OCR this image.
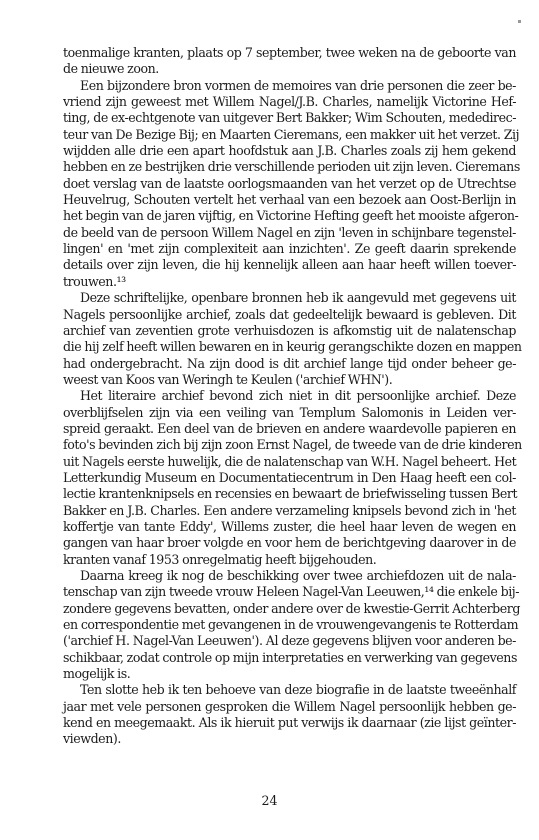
toenmalige kranten, plaats op 7 september, twee weken na de geboorte van
de nieuwe zoon.
Een bijzondere bron vormen de memoires van drie personen die zeer be-
vriend zijn geweest met Willem Nagel/J.B. Charles, namelijk Victorine Hef-
ting, de ex-echtgenote van uitgever Bert Bakker; Wim Schouten, mededirec-
teur van De Bezige Bij; en Maarten Cieremans, een makker uit het verzet. Zij
wijdden alle drie een apart hoofdstuk aan J.B. Charles zoals zij hem gekend
hebben en ze bestrijken drie verschillende perioden uit zijn leven. Cieremans
doet verslag van de laatste oorlogsmaanden van het verzet op de Utrechtse
Heuvelrug, Schouten vertelt het verhaal van een bezoek aan Oost-Berlijn in
het begin van de jaren vijftig, en Victorine Hefting geeft het mooiste afgeron-
de beeld van de persoon Willem Nagel en zijn 'leven in schijnbare tegenstel-
lingen' en 'met zijn complexiteit aan inzichten'. Ze geeft daarin sprekende
details over zijn leven, die hij kennelijk alleen aan haar heeft willen toever-
trouwen.¹³
Deze schriftelijke, openbare bronnen heb ik aangevuld met gegevens uit
Nagels persoonlijke archief, zoals dat gedeeltelijk bewaard is gebleven. Dit
archief van zeventien grote verhuisdozen is afkomstig uit de nalatenschap
die hij zelf heeft willen bewaren en in keurig gerangschikte dozen en mappen
had ondergebracht. Na zijn dood is dit archief lange tijd onder beheer ge-
weest van Koos van Weringh te Keulen ('archief WHN').
Het literaire archief bevond zich niet in dit persoonlijke archief. Deze
overblijfselen zijn via een veiling van Templum Salomonis in Leiden ver-
spreid geraakt. Een deel van de brieven en andere waardevolle papieren en
foto's bevinden zich bij zijn zoon Ernst Nagel, de tweede van de drie kinderen
uit Nagels eerste huwelijk, die de nalatenschap van W.H. Nagel beheert. Het
Letterkundig Museum en Documentatiecentrum in Den Haag heeft een col-
lectie krantenknipsels en recensies en bewaart de briefwisseling tussen Bert
Bakker en J.B. Charles. Een andere verzameling knipsels bevond zich in 'het
koffertje van tante Eddy', Willems zuster, die heel haar leven de wegen en
gangen van haar broer volgde en voor hem de berichtgeving daarover in de
kranten vanaf 1953 onregelmatig heeft bijgehouden.
Daarna kreeg ik nog de beschikking over twee archiefdozen uit de nala-
tenschap van zijn tweede vrouw Heleen Nagel-Van Leeuwen,¹⁴ die enkele bij-
zondere gegevens bevatten, onder andere over de kwestie-Gerrit Achterberg
en correspondentie met gevangenen in de vrouwengevangenis te Rotterdam
('archief H. Nagel-Van Leeuwen'). Al deze gegevens blijven voor anderen be-
schikbaar, zodat controle op mijn interpretaties en verwerking van gegevens
mogelijk is.
Ten slotte heb ik ten behoeve van deze biografie in de laatste tweeënhalf
jaar met vele personen gesproken die Willem Nagel persoonlijk hebben ge-
kend en meegemaakt. Als ik hieruit put verwijs ik daarnaar (zie lijst geïnter-
viewden).
24
